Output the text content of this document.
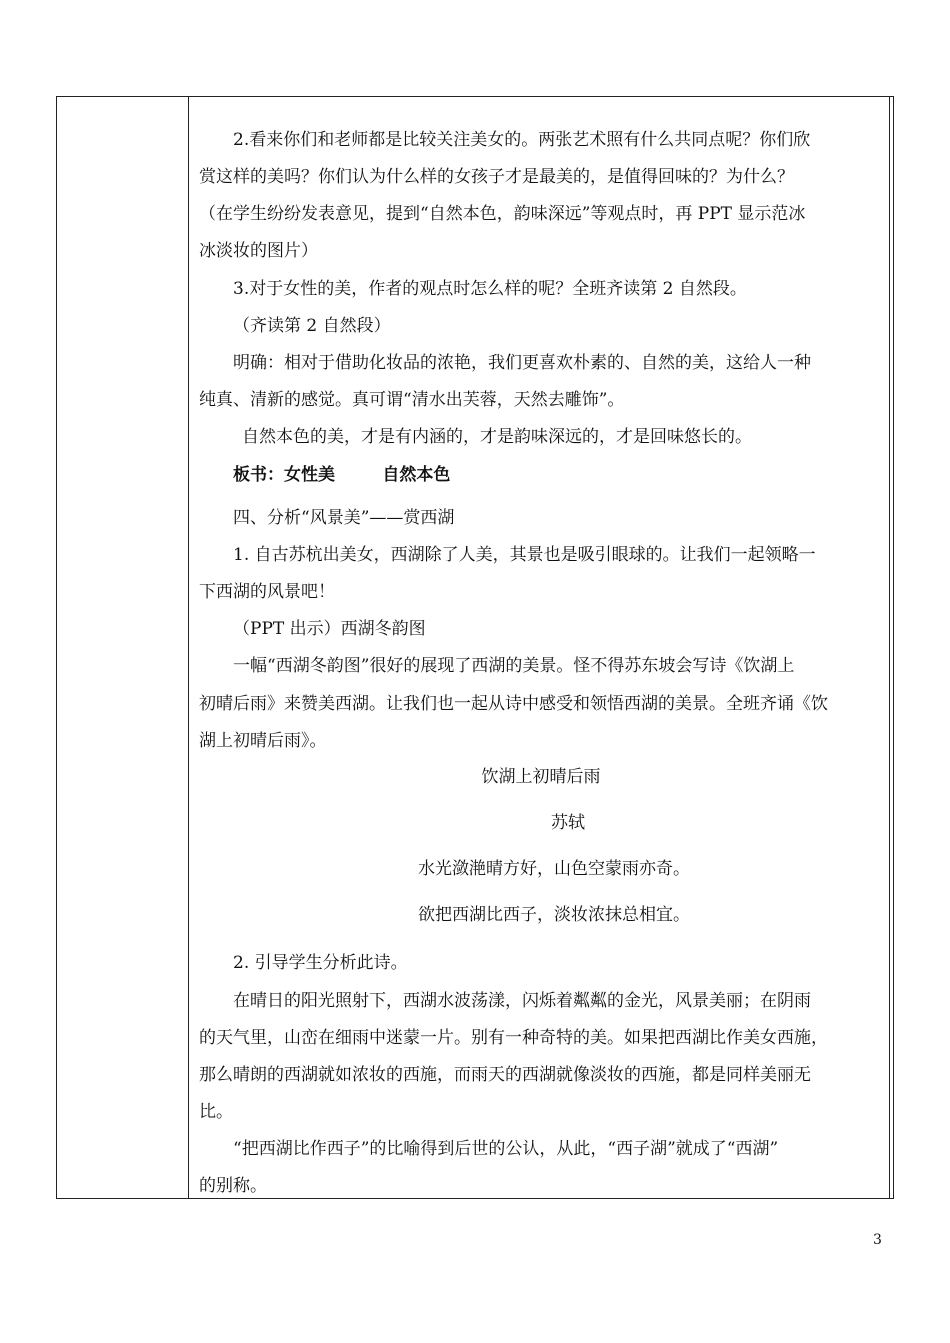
2.看来你们和老师都是比较关注美女的。两张艺术照有什么共同点呢？你们欣
赏这样的美吗？你们认为什么样的女孩子才是最美的，是值得回味的？为什么？
（在学生纷纷发表意见，提到“自然本色，韵味深远”等观点时，再 PPT 显示范冰
冰淡妆的图片）
3.对于女性的美，作者的观点时怎么样的呢？全班齐读第 2 自然段。
（齐读第 2 自然段）
明确：相对于借助化妆品的浓艳，我们更喜欢朴素的、自然的美，这给人一种
纯真、清新的感觉。真可谓“清水出芙蓉，天然去雕饰”。
自然本色的美，才是有内涵的，才是韵味深远的，才是回味悠长的。
板书：女性美        自然本色
四、分析“风景美”——赏西湖
1. 自古苏杭出美女，西湖除了人美，其景也是吸引眼球的。让我们一起领略一
下西湖的风景吧！
（PPT 出示）西湖冬韵图
一幅“西湖冬韵图”很好的展现了西湖的美景。怪不得苏东坡会写诗《饮湖上
初晴后雨》来赞美西湖。让我们也一起从诗中感受和领悟西湖的美景。全班齐诵《饮
湖上初晴后雨》。
饮湖上初晴后雨
苏轼
水光潋滟晴方好，山色空蒙雨亦奇。
欲把西湖比西子，淡妆浓抹总相宜。
2. 引导学生分析此诗。
在晴日的阳光照射下，西湖水波荡漾，闪烁着粼粼的金光，风景美丽；在阴雨
的天气里，山峦在细雨中迷蒙一片。别有一种奇特的美。如果把西湖比作美女西施，
那么晴朗的西湖就如浓妆的西施，而雨天的西湖就像淡妆的西施，都是同样美丽无
比。
“把西湖比作西子”的比喻得到后世的公认，从此，“西子湖”就成了“西湖”
的别称。
3
